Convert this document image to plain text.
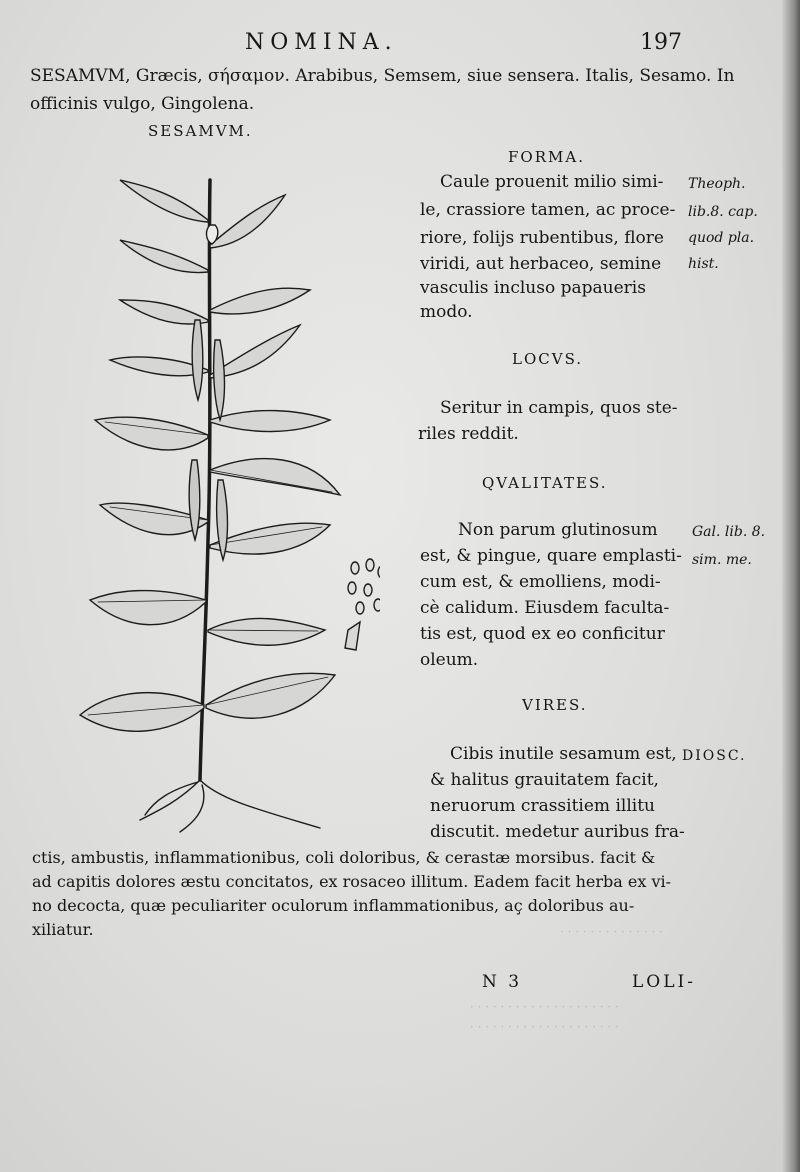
· · · · · · · · · · · · · ·
· · · · · · · · · · · · · · · · · · · ·
· · · · · · · · · · · · · · · · · · · ·
NOMINA.	197
SESAMVM, Græcis, σήσαμον. Arabibus, Semsem, siue sensera. Italis, Sesamo. In
officinis vulgo, Gingolena.
SESAMVM.
FORMA.
Caule prouenit milio simi-
le, crassiore tamen, ac proce-
riore, folijs rubentibus, flore
viridi, aut herbaceo, semine
vasculis incluso papaueris
modo.
Theoph.
lib.8. cap.
quod pla.
hist.
LOCVS.
Seritur in campis, quos ste-
riles reddit.
QVALITATES.
Non parum glutinosum
est, & pingue, quare emplasti-
cum est, & emolliens, modi-
cè calidum. Eiusdem faculta-
tis est, quod ex eo conficitur
oleum.
Gal. lib. 8.
sim. me.
VIRES.
Cibis inutile sesamum est,
& halitus grauitatem facit,
neruorum crassitiem illitu
discutit. medetur auribus fra-
DIOSC.
ctis, ambustis, inflammationibus, coli doloribus, & cerastæ morsibus. facit &
ad capitis dolores æstu concitatos, ex rosaceo illitum. Eadem facit herba ex vi-
no decocta, quæ peculiariter oculorum inflammationibus, aç doloribus au-
xiliatur.
N 3	LOLI-
